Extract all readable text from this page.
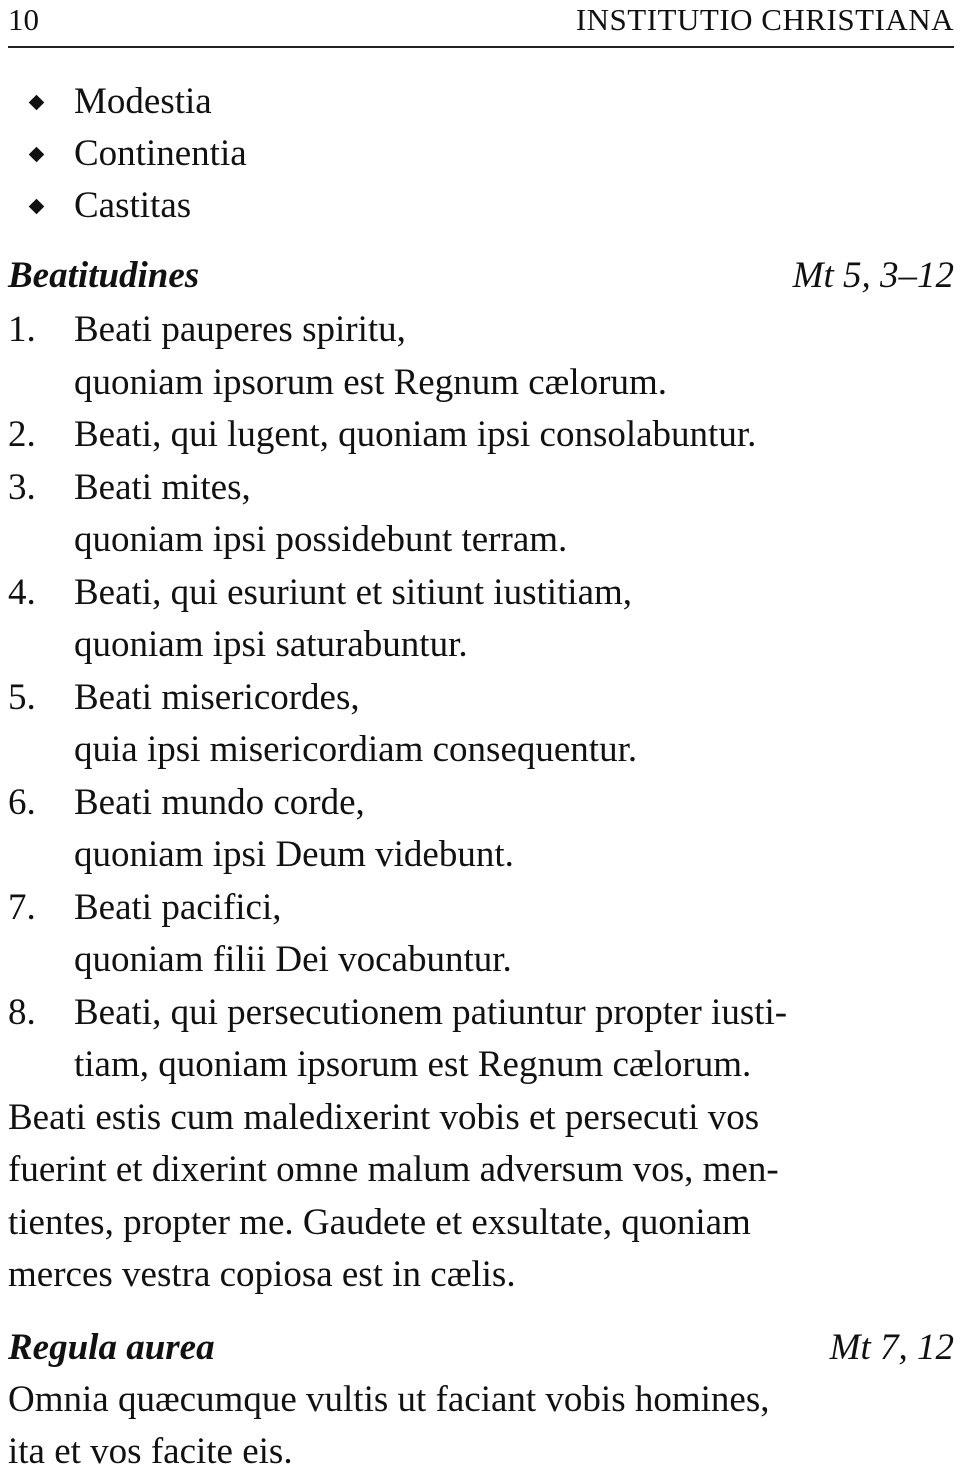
10	INSTITUTIO CHRISTIANA
Modestia
Continentia
Castitas
Beatitudines	Mt 5, 3–12
1. Beati pauperes spiritu,
quoniam ipsorum est Regnum cælorum.
2. Beati, qui lugent, quoniam ipsi consolabuntur.
3. Beati mites,
quoniam ipsi possidebunt terram.
4. Beati, qui esuriunt et sitiunt iustitiam,
quoniam ipsi saturabuntur.
5. Beati misericordes,
quia ipsi misericordiam consequentur.
6. Beati mundo corde,
quoniam ipsi Deum videbunt.
7. Beati pacifici,
quoniam filii Dei vocabuntur.
8. Beati, qui persecutionem patiuntur propter iusti-
tiam, quoniam ipsorum est Regnum cælorum.
Beati estis cum maledixerint vobis et persecuti vos
fuerint et dixerint omne malum adversum vos, men-
tientes, propter me. Gaudete et exsultate, quoniam
merces vestra copiosa est in cælis.
Regula aurea	Mt 7, 12
Omnia quæcumque vultis ut faciant vobis homines,
ita et vos facite eis.
